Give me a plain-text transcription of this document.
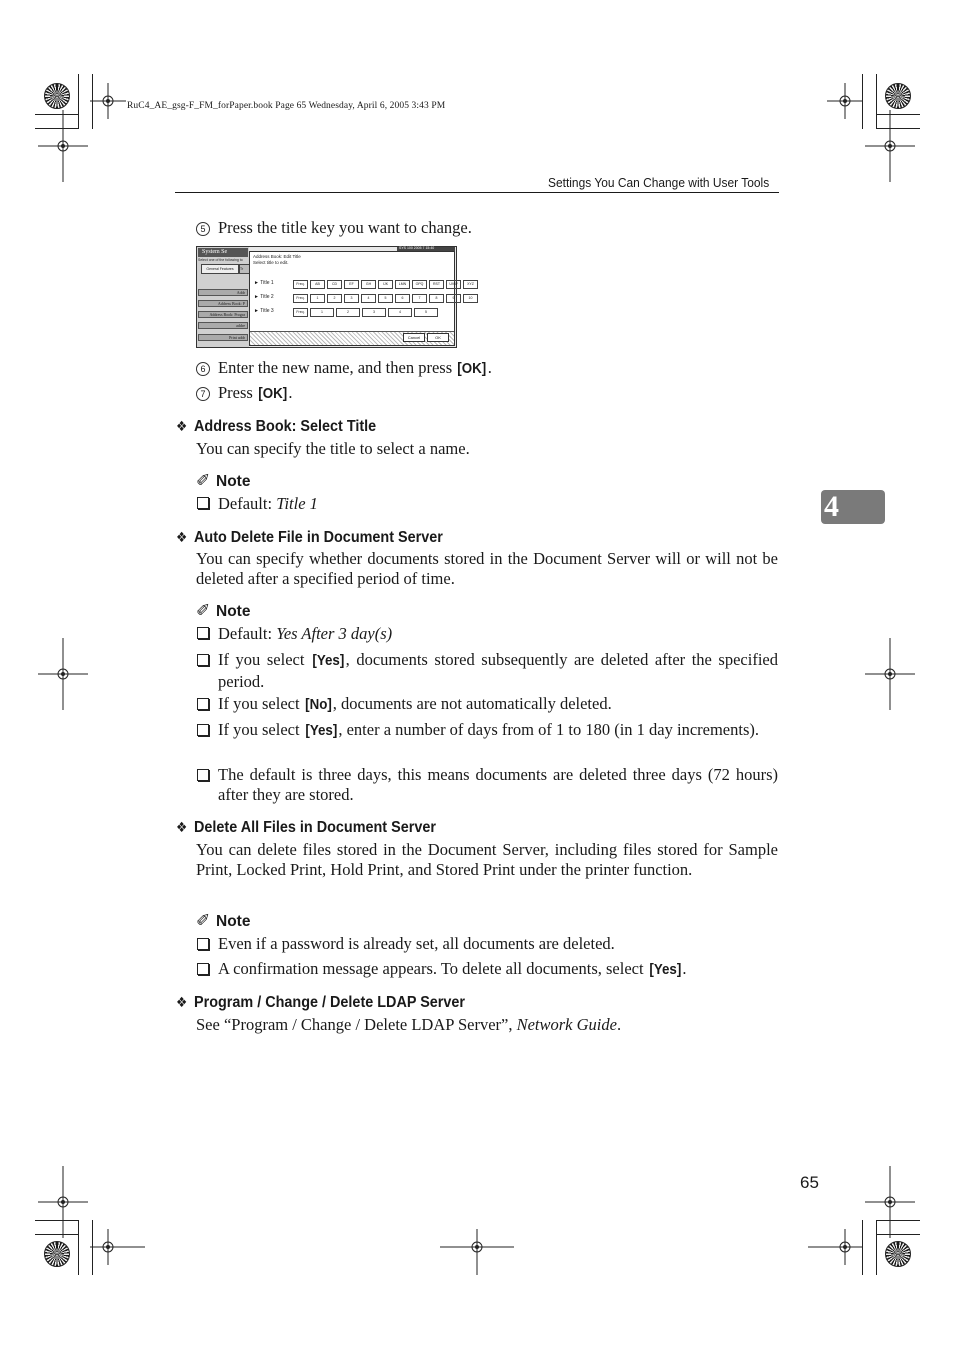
RuC4_AE_gsg-F_FM_forPaper.book Page 65 Wednesday, April 6, 2005 3:43 PM
Settings You Can Change with User Tools
4
5 Press the title key you want to change.
System Se
Select one of the following to
General Features	Tr
Addr
Address Book: P
Address Book: Progra
addre
Print addr
SYS 100 2005 7 15:40
Address Book: Edit Title
Select title to edit.
► Title 1	Freq.	AB	CD	EF	GH	IJK	LMN	OPQ	RST	UVW	XYZ
► Title 2	Freq.	1	2	3	4	5	6	7	8	9	10
► Title 3	Freq.	1	2	3	4	5
Cancel	OK
6 Enter the new name, and then press [OK].
7 Press [OK].
❖ Address Book: Select Title
You can specify the title to select a name.
✐ Note
Default: Title 1
❖ Auto Delete File in Document Server
You can specify whether documents stored in the Document Server will or will not be deleted after a specified period of time.
✐ Note
Default: Yes After 3 day(s)
If you select [Yes], documents stored subsequently are deleted after the specified period.
If you select [No], documents are not automatically deleted.
If you select [Yes], enter a number of days from of 1 to 180 (in 1 day increments).
The default is three days, this means documents are deleted three days (72 hours) after they are stored.
❖ Delete All Files in Document Server
You can delete files stored in the Document Server, including files stored for Sample Print, Locked Print, Hold Print, and Stored Print under the printer function.
✐ Note
Even if a password is already set, all documents are deleted.
A confirmation message appears. To delete all documents, select [Yes].
❖ Program / Change / Delete LDAP Server
See “Program / Change / Delete LDAP Server”, Network Guide.
65
